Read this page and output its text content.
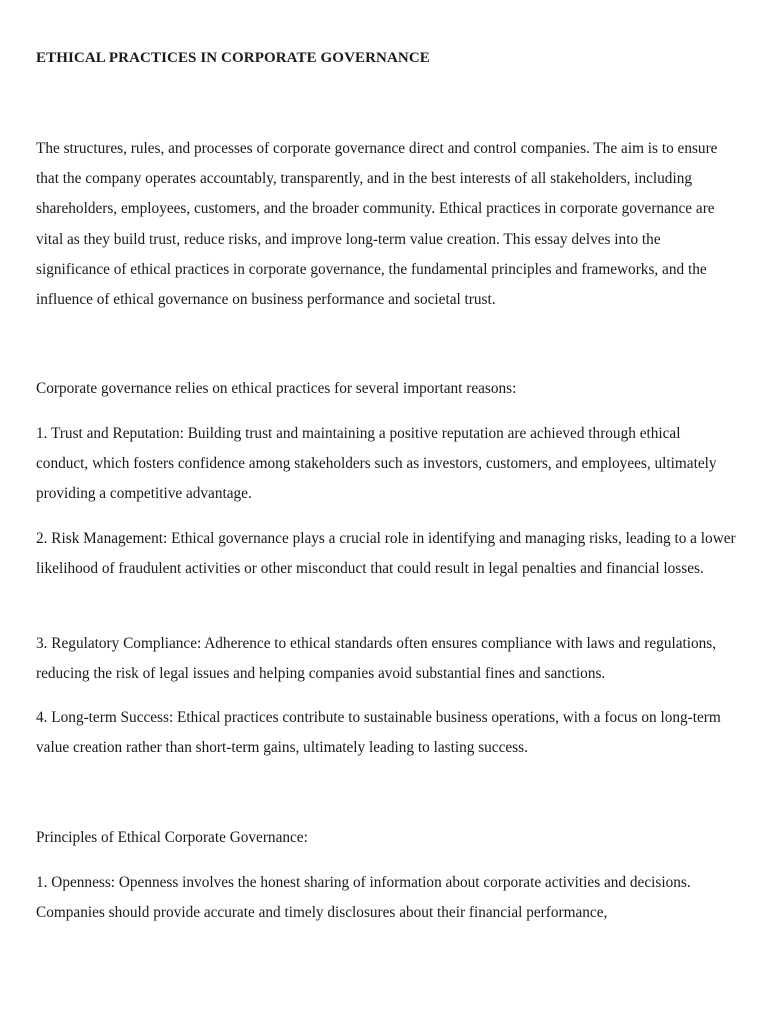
ETHICAL PRACTICES IN CORPORATE GOVERNANCE

The structures, rules, and processes of corporate governance direct and control companies. The aim is to ensure that the company operates accountably, transparently, and in the best interests of all stakeholders, including shareholders, employees, customers, and the broader community. Ethical practices in corporate governance are vital as they build trust, reduce risks, and improve long-term value creation. This essay delves into the significance of ethical practices in corporate governance, the fundamental principles and frameworks, and the influence of ethical governance on business performance and societal trust.

Corporate governance relies on ethical practices for several important reasons:

1. Trust and Reputation: Building trust and maintaining a positive reputation are achieved through ethical conduct, which fosters confidence among stakeholders such as investors, customers, and employees, ultimately providing a competitive advantage.

2. Risk Management: Ethical governance plays a crucial role in identifying and managing risks, leading to a lower likelihood of fraudulent activities or other misconduct that could result in legal penalties and financial losses.

3. Regulatory Compliance: Adherence to ethical standards often ensures compliance with laws and regulations, reducing the risk of legal issues and helping companies avoid substantial fines and sanctions.

4. Long-term Success: Ethical practices contribute to sustainable business operations, with a focus on long-term value creation rather than short-term gains, ultimately leading to lasting success.

Principles of Ethical Corporate Governance:

1. Openness: Openness involves the honest sharing of information about corporate activities and decisions. Companies should provide accurate and timely disclosures about their financial performance,
